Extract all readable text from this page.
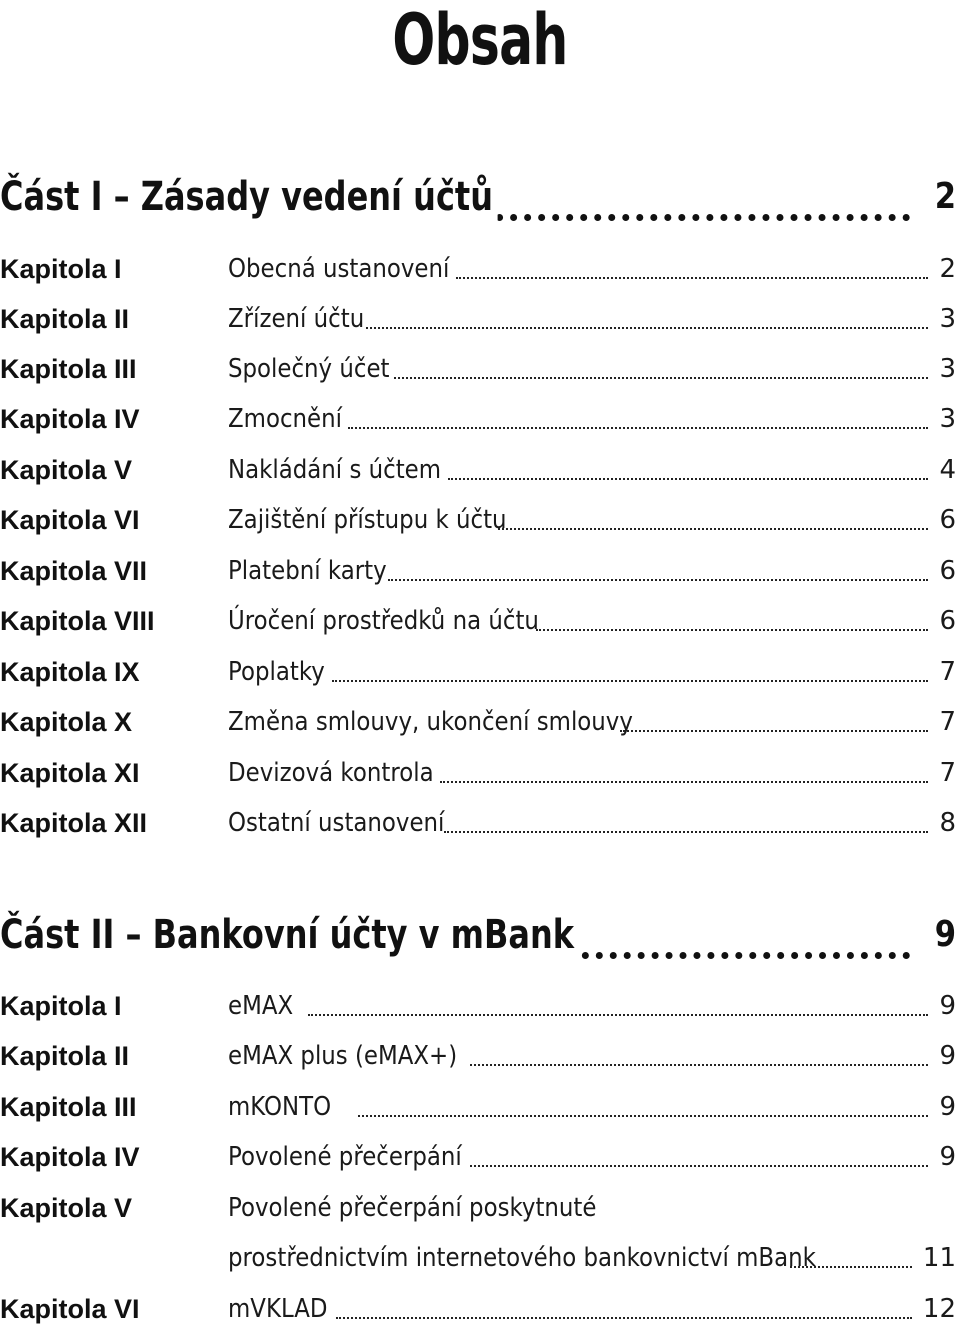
Obsah
Část I – Zásady vedení účtů	2
Kapitola I	Obecná ustanovení	2
Kapitola II	Zřízení účtu	3
Kapitola III	Společný účet	3
Kapitola IV	Zmocnění	3
Kapitola V	Nakládání s účtem	4
Kapitola VI	Zajištění přístupu k účtu	6
Kapitola VII	Platební karty	6
Kapitola VIII	Úročení prostředků na účtu	6
Kapitola IX	Poplatky	7
Kapitola X	Změna smlouvy, ukončení smlouvy	7
Kapitola XI	Devizová kontrola	7
Kapitola XII	Ostatní ustanovení	8
Část II – Bankovní účty v mBank	9
Kapitola I	eMAX	9
Kapitola II	eMAX plus (eMAX+)	9
Kapitola III	mKONTO	9
Kapitola IV	Povolené přečerpání	9
Kapitola V	Povolené přečerpání poskytnuté
prostřednictvím internetového bankovnictví mBank	11
Kapitola VI	mVKLAD	12
